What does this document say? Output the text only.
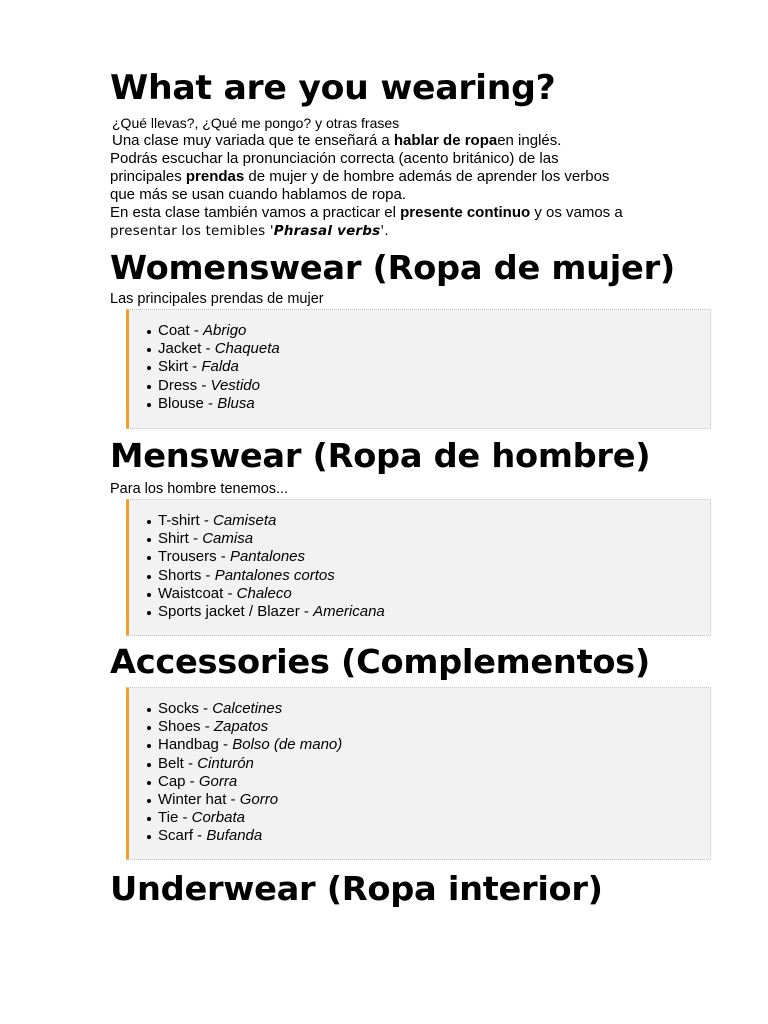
What are you wearing?

¿Qué llevas?, ¿Qué me pongo? y otras frases

Una clase muy variada que te enseñará a hablar de ropaen inglés.

Podrás escuchar la pronunciación correcta (acento británico) de las

principales prendas de mujer y de hombre además de aprender los verbos

que más se usan cuando hablamos de ropa.

En esta clase también vamos a practicar el presente continuo y os vamos a

presentar los temibles 'Phrasal verbs'.

Womenswear (Ropa de mujer)
Las principales prendas de mujer
Coat - Abrigo
Jacket - Chaqueta
Skirt - Falda
Dress - Vestido
Blouse - Blusa
Menswear (Ropa de hombre)
Para los hombre tenemos...
T-shirt - Camiseta
Shirt - Camisa
Trousers - Pantalones
Shorts - Pantalones cortos
Waistcoat - Chaleco
Sports jacket / Blazer - Americana
Accessories (Complementos)
Socks - Calcetines
Shoes - Zapatos
Handbag - Bolso (de mano)
Belt - Cinturón
Cap - Gorra
Winter hat - Gorro
Tie - Corbata
Scarf - Bufanda
Underwear (Ropa interior)
